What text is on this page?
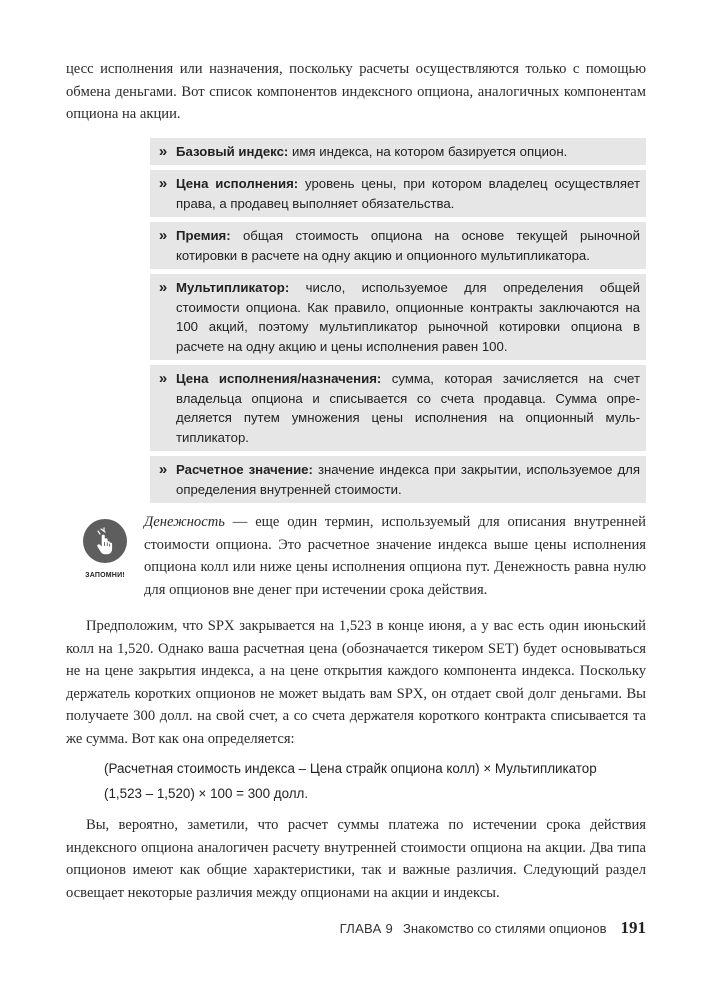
цесс исполнения или назначения, поскольку расчеты осуществляются только с помощью обмена деньгами. Вот список компонентов индексного опциона, аналогичных компонентам опциона на акции.

» Базовый индекс: имя индекса, на котором базируется опцион.
» Цена исполнения: уровень цены, при котором владелец осуществляет права, а продавец выполняет обязательства.
» Премия: общая стоимость опциона на основе текущей рыночной котировки в расчете на одну акцию и опционного мультипликатора.
» Мультипликатор: число, используемое для определения общей стоимости опциона. Как правило, опционные контракты заключаются на 100 акций, поэтому мультипликатор рыночной котировки опциона в расчете на одну акцию и цены исполнения равен 100.
» Цена исполнения/назначения: сумма, которая зачисляется на счет владельца опциона и списывается со счета продавца. Сумма определяется путем умножения цены исполнения на опционный мультипликатор.
» Расчетное значение: значение индекса при закрытии, используемое для определения внутренней стоимости.
ЗАПОМНИ!

Денежность — еще один термин, используемый для описания внутренней стоимости опциона. Это расчетное значение индекса выше цены исполнения опциона колл или ниже цены исполнения опциона пут. Денежность равна нулю для опционов вне денег при истечении срока действия.

Предположим, что SPX закрывается на 1,523 в конце июня, а у вас есть один июньский колл на 1,520. Однако ваша расчетная цена (обозначается тикером SET) будет основываться не на цене закрытия индекса, а на цене открытия каждого компонента индекса. Поскольку держатель коротких опционов не может выдать вам SPX, он отдает свой долг деньгами. Вы получаете 300 долл. на свой счет, а со счета держателя короткого контракта списывается та же сумма. Вот как она определяется:

(Расчетная стоимость индекса – Цена страйк опциона колл) × Мультипликатор
(1,523 – 1,520) × 100 = 300 долл.

Вы, вероятно, заметили, что расчет суммы платежа по истечении срока действия индексного опциона аналогичен расчету внутренней стоимости опциона на акции. Два типа опционов имеют как общие характеристики, так и важные различия. Следующий раздел освещает некоторые различия между опционами на акции и индексы.

ГЛАВА 9 Знакомство со стилями опционов 191
